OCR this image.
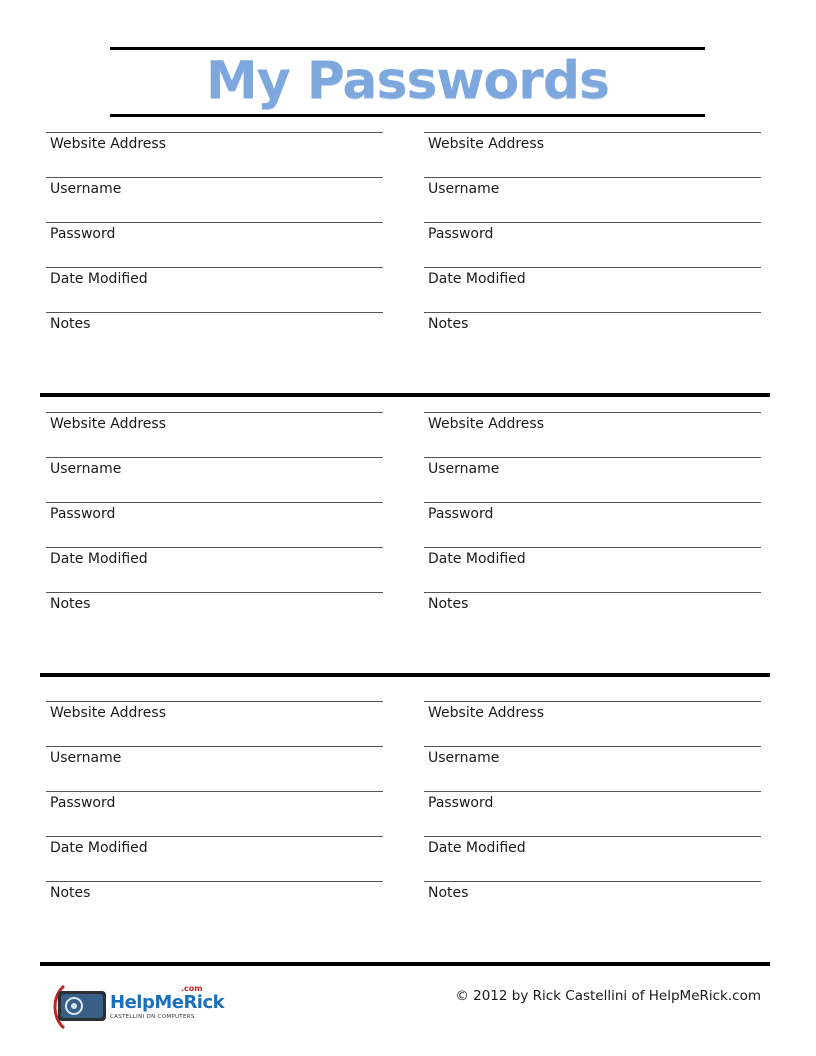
My Passwords
Website Address
Username
Password
Date Modified
Notes
Website Address
Username
Password
Date Modified
Notes
Website Address
Username
Password
Date Modified
Notes
Website Address
Username
Password
Date Modified
Notes
Website Address
Username
Password
Date Modified
Notes
Website Address
Username
Password
Date Modified
Notes
.com
HelpMeRick
CASTELLINI ON COMPUTERS
© 2012 by Rick Castellini of HelpMeRick.com
